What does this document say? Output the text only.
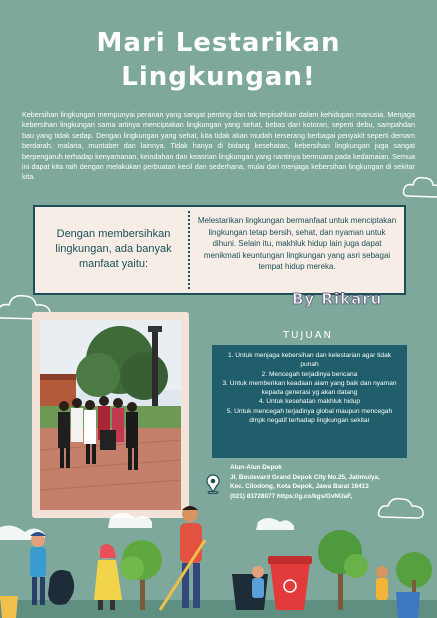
Mari Lestarikan
Lingkungan!

Kebersihan lingkungan mempunyai peranan yang sangat penting dan tak terpisahkan dalam kehidupan manusia. Menjaga kebersihan lingkungan sama artinya menciptakan lingkungan yang sehat, bebas dari kotoran, seperti debu, sampahdan bau yang tidak sedap. Dengan lingkungan yang sehat, kita tidak akan mudah terserang berbagai penyakit seperti demam berdarah, malaria, muntaber dan lainnya. Tidak hanya di bidang kesehatan, kebersihan lingkungan juga sangat berpengaruh terhadap kenyamanan, keindahan dan keasrian lingkungan yang nantinya bermuara pada kedamaian. Semua ini dapat kita raih dengan melakukan perbuatan kecil dan sederhana, mulai dari menjaga kebersihan lingkungan di sekitar kita.

Dengan membersihkan lingkungan, ada banyak manfaat yaitu:
Melestarikan lingkungan bermanfaat untuk menciptakan lingkungan tetap bersih, sehat, dan nyaman untuk dihuni. Selain itu, makhluk hidup lain juga dapat menikmati keuntungan lingkungan yang asri sebagai tempat hidup mereka.
By Rikaru
TUJUAN
1. Untuk menjaga kebersihan dan kelestarian agar tidak punah
2. Mencegah terjadinya bencana
3. Untuk memberikan keadaan alam yang baik dan nyaman kepada generasi yg akan datang
4. Untuk kesehatan makhluk hidup
5. Untuk mencegah terjadinya global maupun mencegah dmpk negatif terhadap lingkungan sekitar

Alun-Alun Depok
Jl. Boulevard Grand Depok City No.25, Jatimulya,
Kec. Cilodong, Kota Depok, Jawa Barat 16413
(021) 83728077 https://g.co/kgs/GvNUaF,
